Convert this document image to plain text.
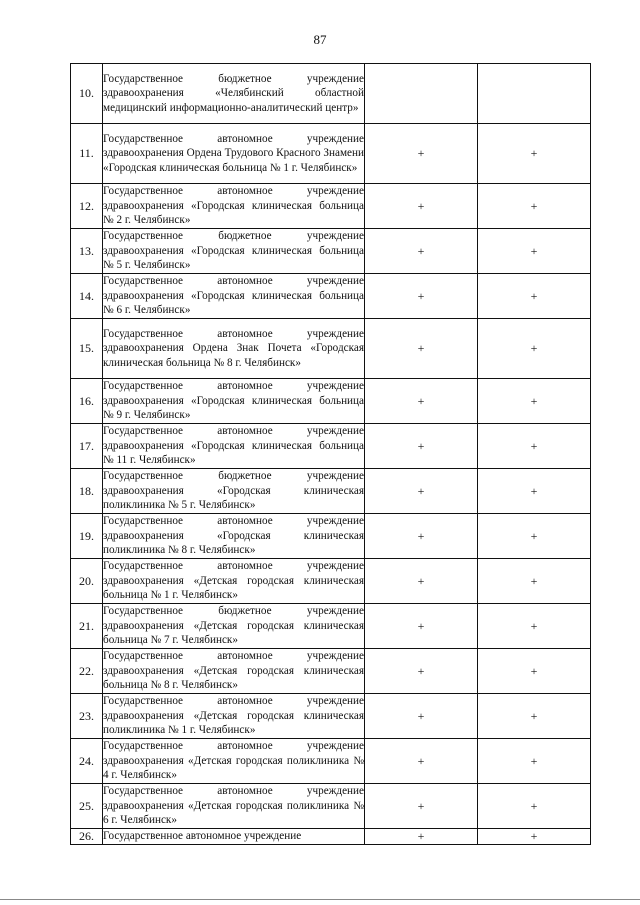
87
10.	Государственное бюджетное учреждение здравоохранения «Челябинский областной медицинский информационно-аналитический центр»		
11.	Государственное автономное учреждение здравоохранения Ордена Трудового Красного Знамени «Городская клиническая больница № 1 г. Челябинск»	+	+
12.	Государственное автономное учреждение здравоохранения «Городская клиническая больница № 2 г. Челябинск»	+	+
13.	Государственное бюджетное учреждение здравоохранения «Городская клиническая больница № 5 г. Челябинск»	+	+
14.	Государственное автономное учреждение здравоохранения «Городская клиническая больница № 6 г. Челябинск»	+	+
15.	Государственное автономное учреждение здравоохранения Ордена Знак Почета «Городская клиническая больница № 8 г. Челябинск»	+	+
16.	Государственное автономное учреждение здравоохранения «Городская клиническая больница № 9 г. Челябинск»	+	+
17.	Государственное автономное учреждение здравоохранения «Городская клиническая больница № 11 г. Челябинск»	+	+
18.	Государственное бюджетное учреждение здравоохранения «Городская клиническая поликлиника № 5 г. Челябинск»	+	+
19.	Государственное автономное учреждение здравоохранения «Городская клиническая поликлиника № 8 г. Челябинск»	+	+
20.	Государственное автономное учреждение здравоохранения «Детская городская клиническая больница № 1 г. Челябинск»	+	+
21.	Государственное бюджетное учреждение здравоохранения «Детская городская клиническая больница № 7 г. Челябинск»	+	+
22.	Государственное автономное учреждение здравоохранения «Детская городская клиническая больница № 8 г. Челябинск»	+	+
23.	Государственное автономное учреждение здравоохранения «Детская городская клиническая поликлиника № 1 г. Челябинск»	+	+
24.	Государственное автономное учреждение здравоохранения «Детская городская поликлиника № 4 г. Челябинск»	+	+
25.	Государственное автономное учреждение здравоохранения «Детская городская поликлиника № 6 г. Челябинск»	+	+
26.	Государственное автономное учреждение	+	+
